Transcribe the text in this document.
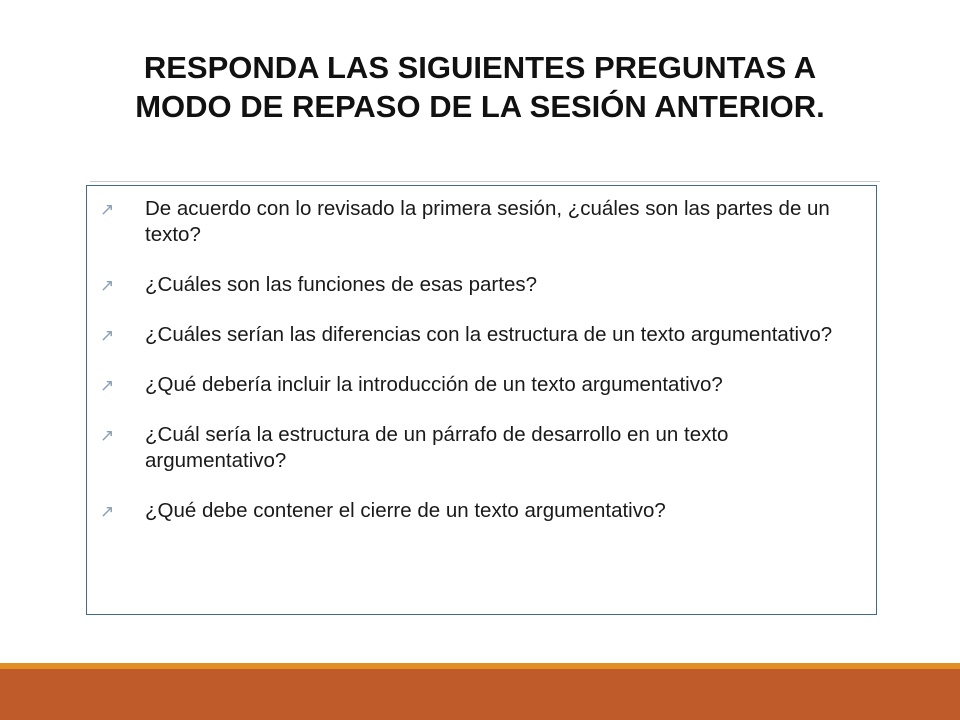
RESPONDA LAS SIGUIENTES PREGUNTAS A
MODO DE REPASO DE LA SESIÓN ANTERIOR.
↗ De acuerdo con lo revisado la primera sesión, ¿cuáles son las partes de un texto?
↗ ¿Cuáles son las funciones de esas partes?
↗ ¿Cuáles serían las diferencias con la estructura de un texto argumentativo?
↗ ¿Qué debería incluir la introducción de un texto argumentativo?
↗ ¿Cuál sería la estructura de un párrafo de desarrollo en un texto argumentativo?
↗ ¿Qué debe contener el cierre de un texto argumentativo?
